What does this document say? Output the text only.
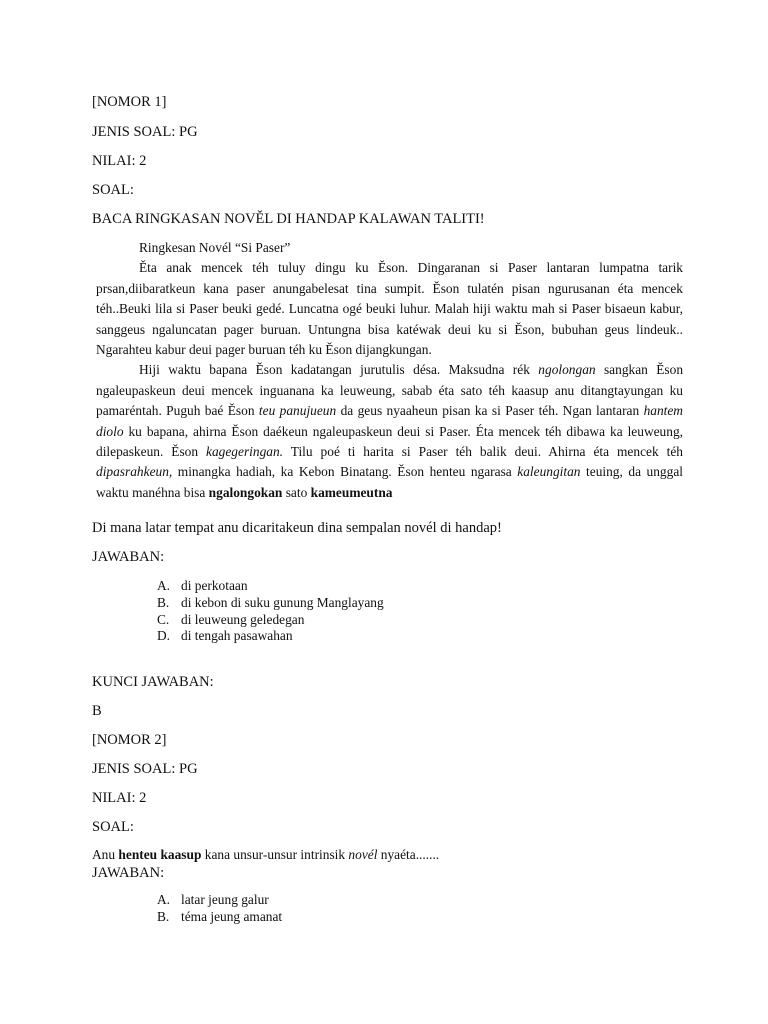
[NOMOR 1]
JENIS SOAL: PG
NILAI: 2
SOAL:
BACA RINGKASAN NOVĚL DI HANDAP KALAWAN TALITI!

Ringkesan Novél “Si Paser”

Ěta anak mencek téh tuluy dingu ku Ěson. Dingaranan si Paser lantaran lumpatna tarik prsan,diibaratkeun kana paser anungabelesat tina sumpit. Ěson tulatén pisan ngurusanan éta mencek téh..Beuki lila si Paser beuki gedé. Luncatna ogé beuki luhur. Malah hiji waktu mah si Paser bisaeun kabur, sanggeus ngaluncatan pager buruan. Untungna bisa katéwak deui ku si Ěson, bubuhan geus lindeuk.. Ngarahteu kabur deui pager buruan téh ku Ěson dijangkungan.

Hiji waktu bapana Ěson kadatangan jurutulis désa. Maksudna rék ngolongan sangkan Ěson ngaleupaskeun deui mencek inguanana ka leuweung, sabab éta sato téh kaasup anu ditangtayungan ku pamaréntah. Puguh baé Ěson teu panujueun da geus nyaaheun pisan ka si Paser téh. Ngan lantaran hantem diolo ku bapana, ahirna Ěson daékeun ngaleupaskeun deui si Paser. Éta mencek téh dibawa ka leuweung, dilepaskeun. Ěson kagegeringan. Tilu poé ti harita si Paser téh balik deui. Ahirna éta mencek téh dipasrahkeun, minangka hadiah, ka Kebon Binatang. Ěson henteu ngarasa kaleungitan teuing, da unggal waktu manéhna bisa ngalongokan sato kameumeutna

Di mana latar tempat anu dicaritakeun dina sempalan novél di handap!
JAWABAN:
A. di perkotaan
B. di kebon di suku gunung Manglayang
C. di leuweung geledegan
D. di tengah pasawahan
KUNCI JAWABAN:
B
[NOMOR 2]
JENIS SOAL: PG
NILAI: 2
SOAL:
Anu henteu kaasup kana unsur-unsur intrinsik novél nyaéta.......
JAWABAN:
A. latar jeung galur
B. téma jeung amanat
